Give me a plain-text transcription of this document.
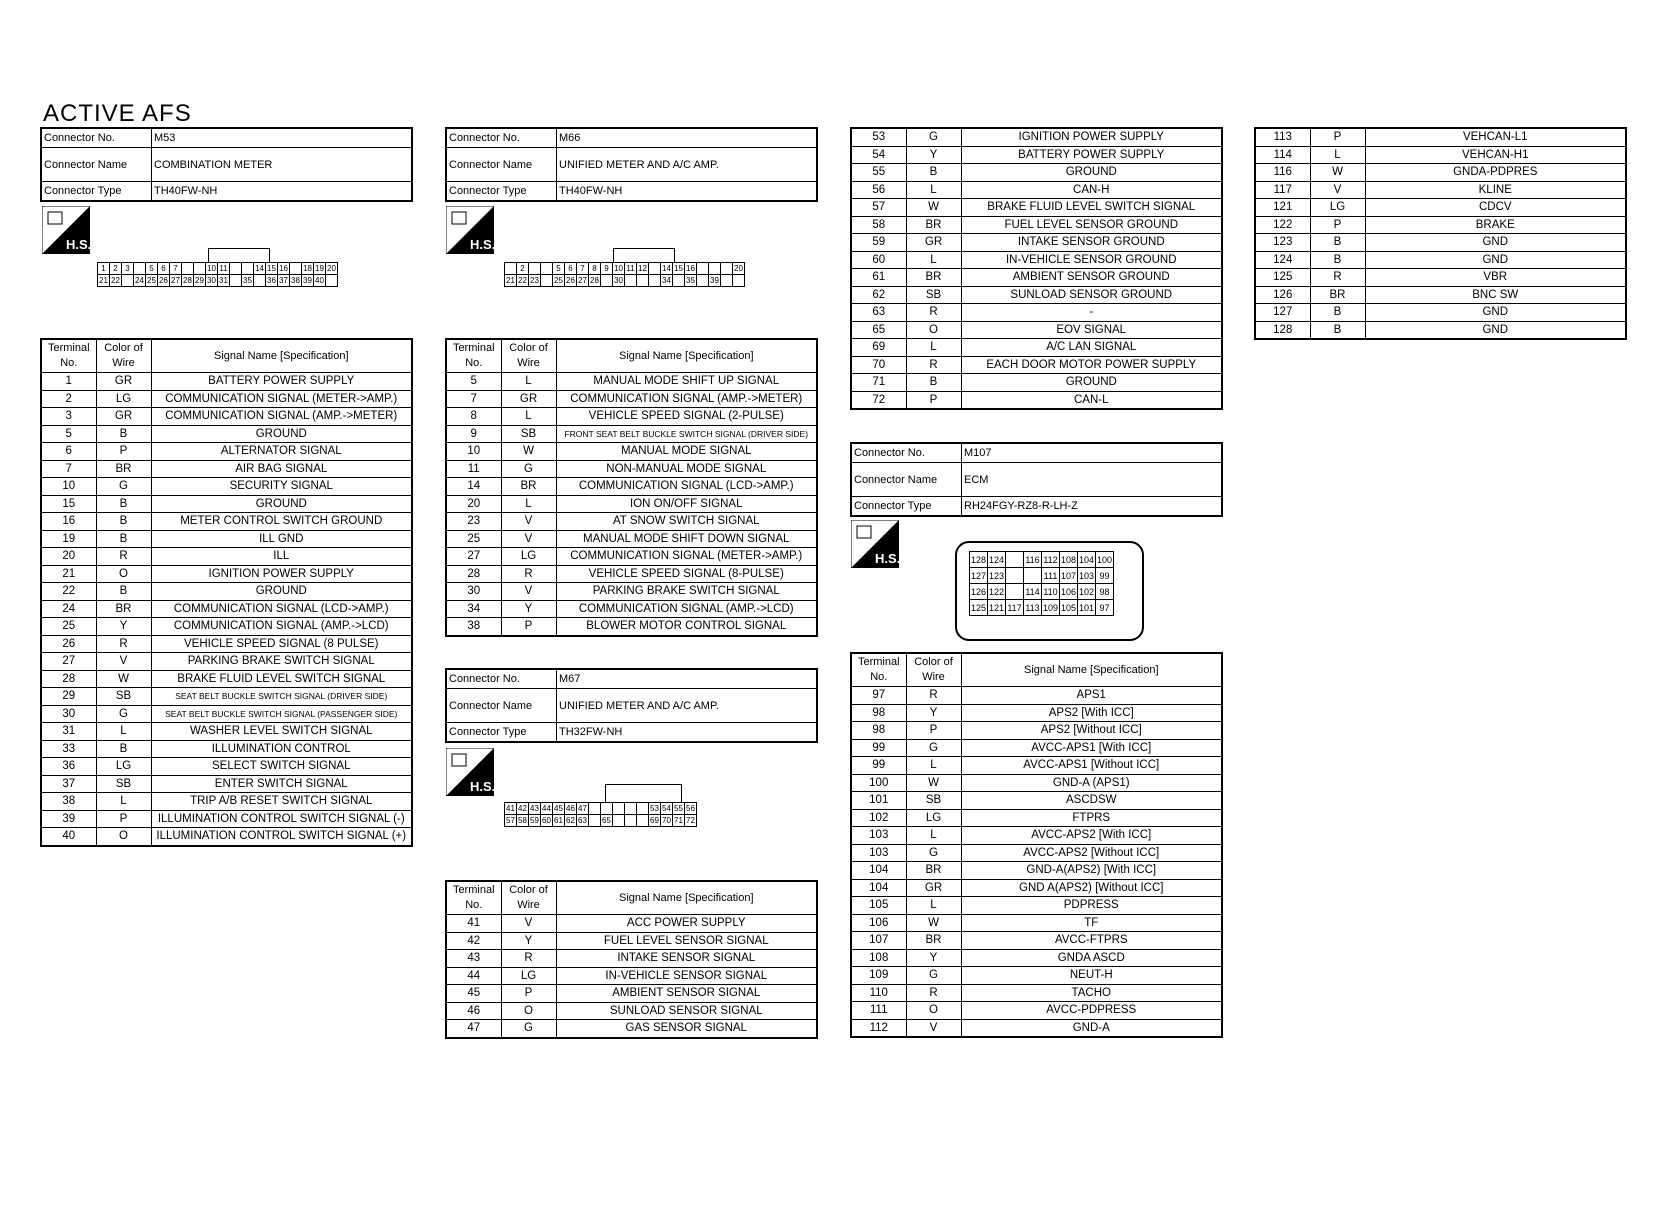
ACTIVE AFS
Connector No.	M53
Connector Name	COMBINATION METER
Connector Type	TH40FW-NH
H.S.
1	2	3		5	6	7			10	11			14	15	16		18	19	20
21	22		24	25	26	27	28	29	30	31		35		36	37	38	39	40	
Terminal No.	Color of Wire	Signal Name [Specification]
1	GR	BATTERY POWER SUPPLY
2	LG	COMMUNICATION SIGNAL (METER->AMP.)
3	GR	COMMUNICATION SIGNAL (AMP.->METER)
5	B	GROUND
6	P	ALTERNATOR SIGNAL
7	BR	AIR BAG SIGNAL
10	G	SECURITY SIGNAL
15	B	GROUND
16	B	METER CONTROL SWITCH GROUND
19	B	ILL GND
20	R	ILL
21	O	IGNITION POWER SUPPLY
22	B	GROUND
24	BR	COMMUNICATION SIGNAL (LCD->AMP.)
25	Y	COMMUNICATION SIGNAL (AMP.->LCD)
26	R	VEHICLE SPEED SIGNAL (8 PULSE)
27	V	PARKING BRAKE SWITCH SIGNAL
28	W	BRAKE FLUID LEVEL SWITCH SIGNAL
29	SB	SEAT BELT BUCKLE SWITCH SIGNAL (DRIVER SIDE)
30	G	SEAT BELT BUCKLE SWITCH SIGNAL (PASSENGER SIDE)
31	L	WASHER LEVEL SWITCH SIGNAL
33	B	ILLUMINATION CONTROL
36	LG	SELECT SWITCH SIGNAL
37	SB	ENTER SWITCH SIGNAL
38	L	TRIP A/B RESET SWITCH SIGNAL
39	P	ILLUMINATION CONTROL SWITCH SIGNAL (-)
40	O	ILLUMINATION CONTROL SWITCH SIGNAL (+)
Connector No.	M66
Connector Name	UNIFIED METER AND A/C AMP.
Connector Type	TH40FW-NH
H.S.
	2			5	6	7	8	9	10	11	12		14	15	16				20
21	22	23		25	26	27	28		30				34		35		39		
Terminal No.	Color of Wire	Signal Name [Specification]
5	L	MANUAL MODE SHIFT UP SIGNAL
7	GR	COMMUNICATION SIGNAL (AMP.->METER)
8	L	VEHICLE SPEED SIGNAL (2-PULSE)
9	SB	FRONT SEAT BELT BUCKLE SWITCH SIGNAL (DRIVER SIDE)
10	W	MANUAL MODE SIGNAL
11	G	NON-MANUAL MODE SIGNAL
14	BR	COMMUNICATION SIGNAL (LCD->AMP.)
20	L	ION ON/OFF SIGNAL
23	V	AT SNOW SWITCH SIGNAL
25	V	MANUAL MODE SHIFT DOWN SIGNAL
27	LG	COMMUNICATION SIGNAL (METER->AMP.)
28	R	VEHICLE SPEED SIGNAL (8-PULSE)
30	V	PARKING BRAKE SWITCH SIGNAL
34	Y	COMMUNICATION SIGNAL (AMP.->LCD)
38	P	BLOWER MOTOR CONTROL SIGNAL
Connector No.	M67
Connector Name	UNIFIED METER AND A/C AMP.
Connector Type	TH32FW-NH
H.S.
41	42	43	44	45	46	47						53	54	55	56
57	58	59	60	61	62	63		65				69	70	71	72
Terminal No.	Color of Wire	Signal Name [Specification]
41	V	ACC POWER SUPPLY
42	Y	FUEL LEVEL SENSOR SIGNAL
43	R	INTAKE SENSOR SIGNAL
44	LG	IN-VEHICLE SENSOR SIGNAL
45	P	AMBIENT SENSOR SIGNAL
46	O	SUNLOAD SENSOR SIGNAL
47	G	GAS SENSOR SIGNAL
53	G	IGNITION POWER SUPPLY
54	Y	BATTERY POWER SUPPLY
55	B	GROUND
56	L	CAN-H
57	W	BRAKE FLUID LEVEL SWITCH SIGNAL
58	BR	FUEL LEVEL SENSOR GROUND
59	GR	INTAKE SENSOR GROUND
60	L	IN-VEHICLE SENSOR GROUND
61	BR	AMBIENT SENSOR GROUND
62	SB	SUNLOAD SENSOR GROUND
63	R	-
65	O	EOV SIGNAL
69	L	A/C LAN SIGNAL
70	R	EACH DOOR MOTOR POWER SUPPLY
71	B	GROUND
72	P	CAN-L
Connector No.	M107
Connector Name	ECM
Connector Type	RH24FGY-RZ8-R-LH-Z
H.S.	128	124		116	112	108	104	100
127	123			111	107	103	99
126	122		114	110	106	102	98
125	121	117	113	109	105	101	97
Terminal No.	Color of Wire	Signal Name [Specification]
97	R	APS1
98	Y	APS2 [With ICC]
98	P	APS2 [Without ICC]
99	G	AVCC-APS1 [With ICC]
99	L	AVCC-APS1 [Without ICC]
100	W	GND-A (APS1)
101	SB	ASCDSW
102	LG	FTPRS
103	L	AVCC-APS2 [With ICC]
103	G	AVCC-APS2 [Without ICC]
104	BR	GND-A(APS2) [With ICC]
104	GR	GND A(APS2) [Without ICC]
105	L	PDPRESS
106	W	TF
107	BR	AVCC-FTPRS
108	Y	GNDA ASCD
109	G	NEUT-H
110	R	TACHO
111	O	AVCC-PDPRESS
112	V	GND-A
113	P	VEHCAN-L1
114	L	VEHCAN-H1
116	W	GNDA-PDPRES
117	V	KLINE
121	LG	CDCV
122	P	BRAKE
123	B	GND
124	B	GND
125	R	VBR
126	BR	BNC SW
127	B	GND
128	B	GND
